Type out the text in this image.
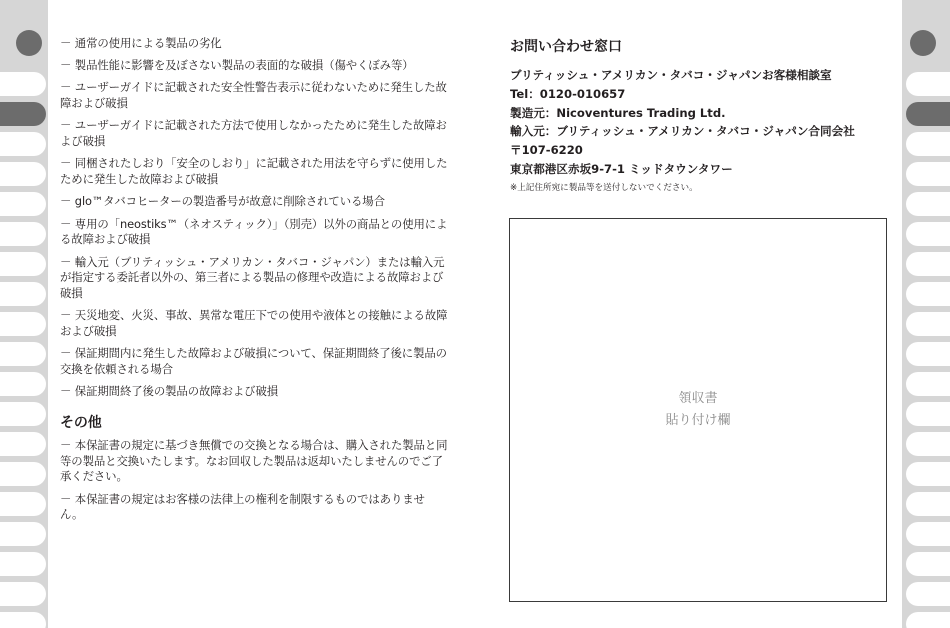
－ 通常の使用による製品の劣化
－ 製品性能に影響を及ぼさない製品の表面的な破損（傷やくぼみ等）
－ ユーザーガイドに記載された安全性警告表示に従わないために発生した故障および破損
－ ユーザーガイドに記載された方法で使用しなかったために発生した故障および破損
－ 同梱されたしおり「安全のしおり」に記載された用法を守らずに使用したために発生した故障および破損
－ glo™タバコヒーターの製造番号が故意に削除されている場合
－ 専用の「neostiks™（ネオスティック）」（別売）以外の商品との使用による故障および破損
－ 輸入元（ブリティッシュ・アメリカン・タバコ・ジャパン）または輸入元が指定する委託者以外の、第三者による製品の修理や改造による故障および破損
－ 天災地変、火災、事故、異常な電圧下での使用や液体との接触による故障および破損
－ 保証期間内に発生した故障および破損について、保証期間終了後に製品の交換を依頼される場合
－ 保証期間終了後の製品の故障および破損
その他
－ 本保証書の規定に基づき無償での交換となる場合は、購入された製品と同等の製品と交換いたします。なお回収した製品は返却いたしませんのでご了承ください。
－ 本保証書の規定はお客様の法律上の権利を制限するものではありません。
お問い合わせ窓口
ブリティッシュ・アメリカン・タバコ・ジャパンお客様相談室
Tel：0120-010657
製造元：Nicoventures Trading Ltd.
輸入元：ブリティッシュ・アメリカン・タバコ・ジャパン合同会社
〒107-6220
東京都港区赤坂9-7-1 ミッドタウンタワー
※上記住所宛に製品等を送付しないでください。
領収書
貼り付け欄
